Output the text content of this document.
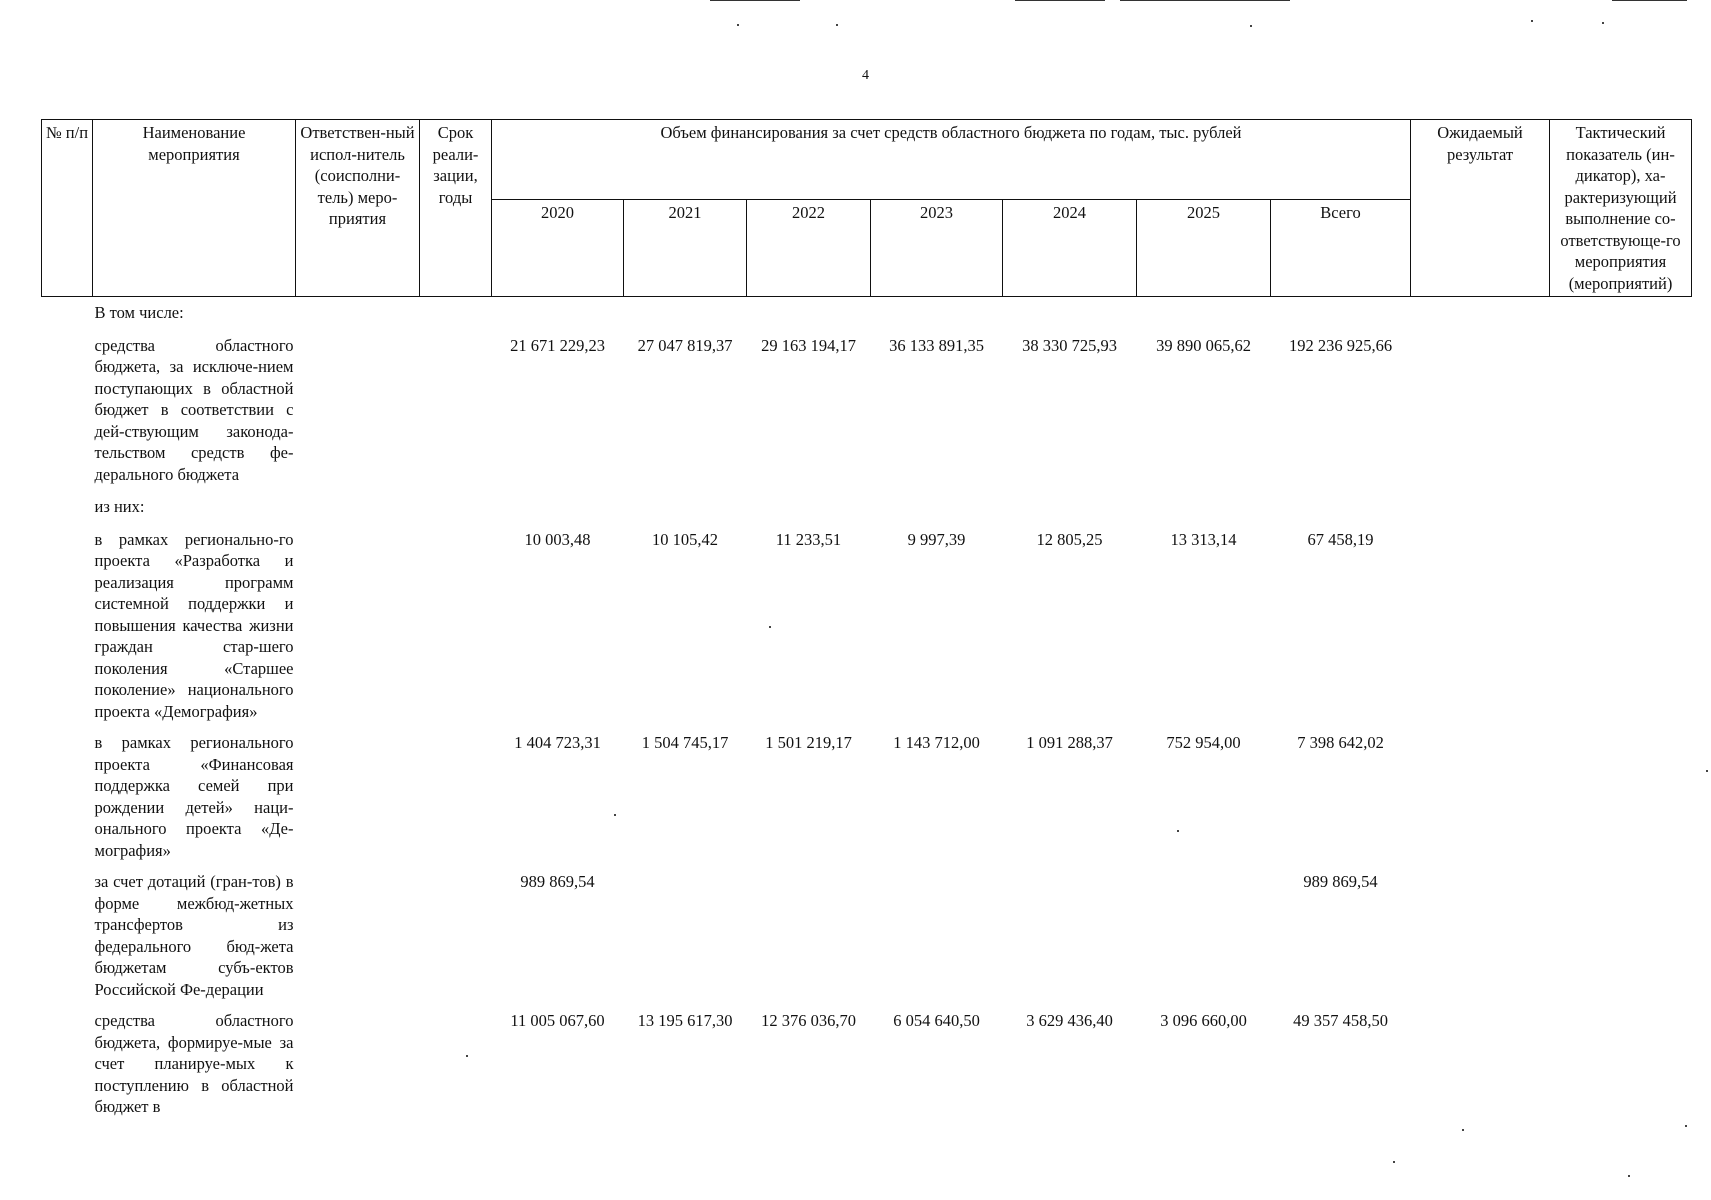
4
№ п/п	Наименование мероприятия	Ответствен-ный испол-нитель (соисполни-тель) меро-приятия	Срок реали-зации, годы	Объем финансирования за счет средств областного бюджета по годам, тыс. рублей							Ожидаемый результат	Тактический показатель (ин-дикатор), ха-рактеризующий выполнение со-ответствующе-го мероприятия (мероприятий)
				2020	2021	2022	2023	2024	2025	Всего		
	В том числе:											
	средства областного бюджета, за исключе-нием поступающих в областной бюджет в соответствии с дей-ствующим законода-тельством средств фе-дерального бюджета			21 671 229,23	27 047 819,37	29 163 194,17	36 133 891,35	38 330 725,93	39 890 065,62	192 236 925,66		
	из них:											
	в рамках регионально-го проекта «Разработка и реализация программ системной поддержки и повышения качества жизни граждан стар-шего поколения «Старшее поколение» национального проекта «Демография»			10 003,48	10 105,42	11 233,51	9 997,39	12 805,25	13 313,14	67 458,19		
	в рамках регионального проекта «Финансовая поддержка семей при рождении детей» наци-онального проекта «Де-мография»			1 404 723,31	1 504 745,17	1 501 219,17	1 143 712,00	1 091 288,37	752 954,00	7 398 642,02		
	за счет дотаций (гран-тов) в форме межбюд-жетных трансфертов из федерального бюд-жета бюджетам субъ-ектов Российской Фе-дерации			989 869,54						989 869,54		
	средства областного бюджета, формируе-мые за счет планируе-мых к поступлению в областной бюджет в			11 005 067,60	13 195 617,30	12 376 036,70	6 054 640,50	3 629 436,40	3 096 660,00	49 357 458,50		
